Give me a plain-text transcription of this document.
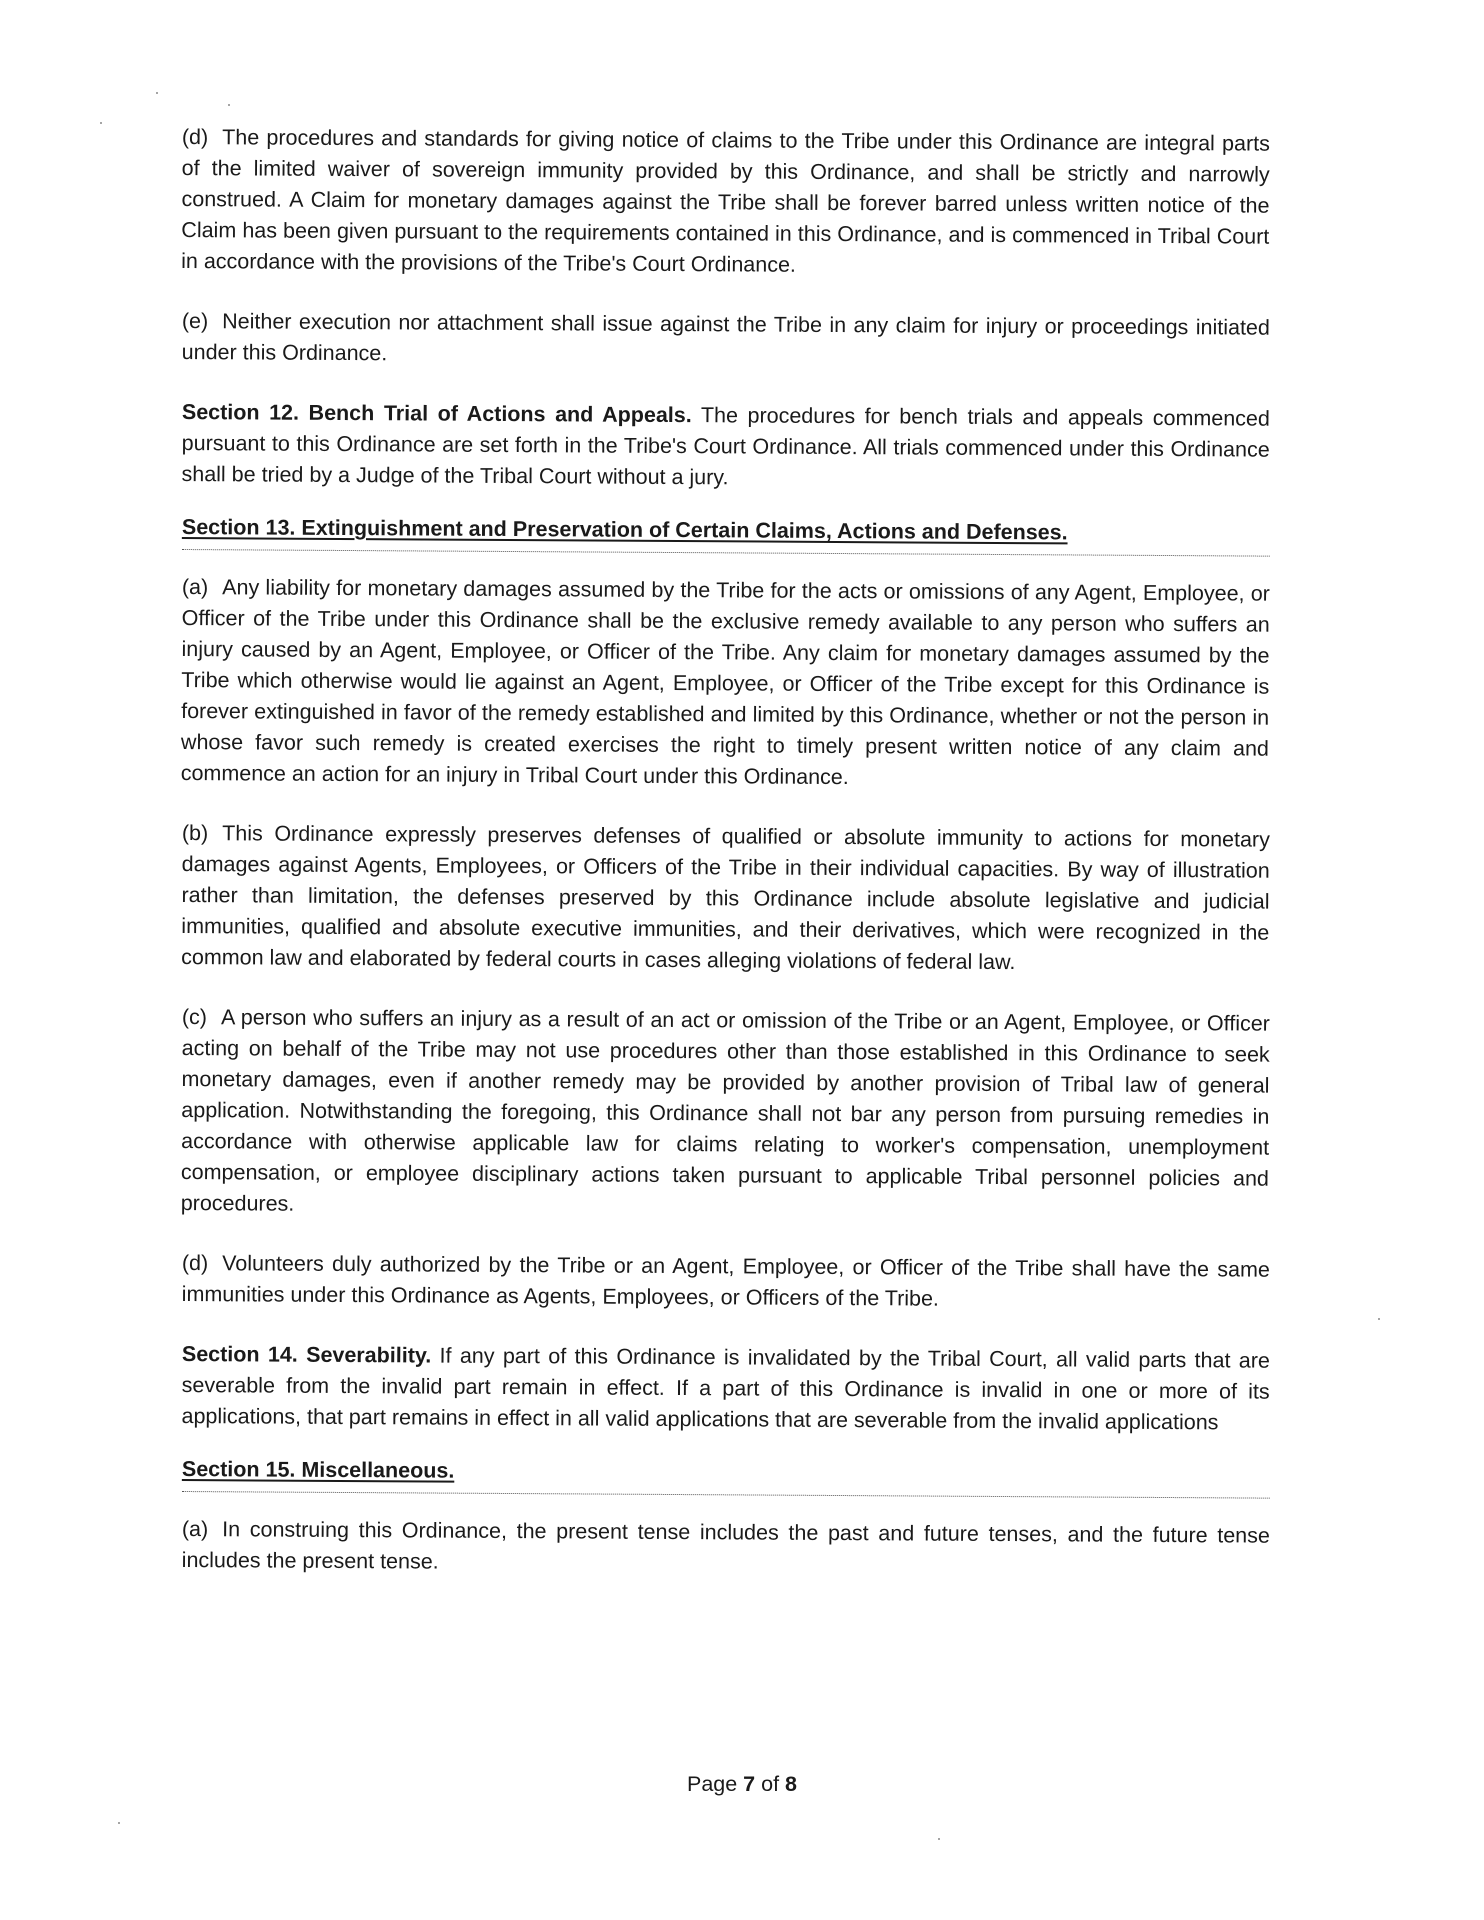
(d) The procedures and standards for giving notice of claims to the Tribe under this Ordinance are integral parts of the limited waiver of sovereign immunity provided by this Ordinance, and shall be strictly and narrowly construed. A Claim for monetary damages against the Tribe shall be forever barred unless written notice of the Claim has been given pursuant to the requirements contained in this Ordinance, and is commenced in Tribal Court in accordance with the provisions of the Tribe's Court Ordinance.

(e) Neither execution nor attachment shall issue against the Tribe in any claim for injury or proceedings initiated under this Ordinance.

Section 12. Bench Trial of Actions and Appeals. The procedures for bench trials and appeals commenced pursuant to this Ordinance are set forth in the Tribe's Court Ordinance. All trials commenced under this Ordinance shall be tried by a Judge of the Tribal Court without a jury.

Section 13. Extinguishment and Preservation of Certain Claims, Actions and Defenses.

(a) Any liability for monetary damages assumed by the Tribe for the acts or omissions of any Agent, Employee, or Officer of the Tribe under this Ordinance shall be the exclusive remedy available to any person who suffers an injury caused by an Agent, Employee, or Officer of the Tribe. Any claim for monetary damages assumed by the Tribe which otherwise would lie against an Agent, Employee, or Officer of the Tribe except for this Ordinance is forever extinguished in favor of the remedy established and limited by this Ordinance, whether or not the person in whose favor such remedy is created exercises the right to timely present written notice of any claim and commence an action for an injury in Tribal Court under this Ordinance.

(b) This Ordinance expressly preserves defenses of qualified or absolute immunity to actions for monetary damages against Agents, Employees, or Officers of the Tribe in their individual capacities. By way of illustration rather than limitation, the defenses preserved by this Ordinance include absolute legislative and judicial immunities, qualified and absolute executive immunities, and their derivatives, which were recognized in the common law and elaborated by federal courts in cases alleging violations of federal law.

(c) A person who suffers an injury as a result of an act or omission of the Tribe or an Agent, Employee, or Officer acting on behalf of the Tribe may not use procedures other than those established in this Ordinance to seek monetary damages, even if another remedy may be provided by another provision of Tribal law of general application. Notwithstanding the foregoing, this Ordinance shall not bar any person from pursuing remedies in accordance with otherwise applicable law for claims relating to worker's compensation, unemployment compensation, or employee disciplinary actions taken pursuant to applicable Tribal personnel policies and procedures.

(d) Volunteers duly authorized by the Tribe or an Agent, Employee, or Officer of the Tribe shall have the same immunities under this Ordinance as Agents, Employees, or Officers of the Tribe.

Section 14. Severability. If any part of this Ordinance is invalidated by the Tribal Court, all valid parts that are severable from the invalid part remain in effect. If a part of this Ordinance is invalid in one or more of its applications, that part remains in effect in all valid applications that are severable from the invalid applications

Section 15. Miscellaneous.

(a) In construing this Ordinance, the present tense includes the past and future tenses, and the future tense includes the present tense.

Page 7 of 8
